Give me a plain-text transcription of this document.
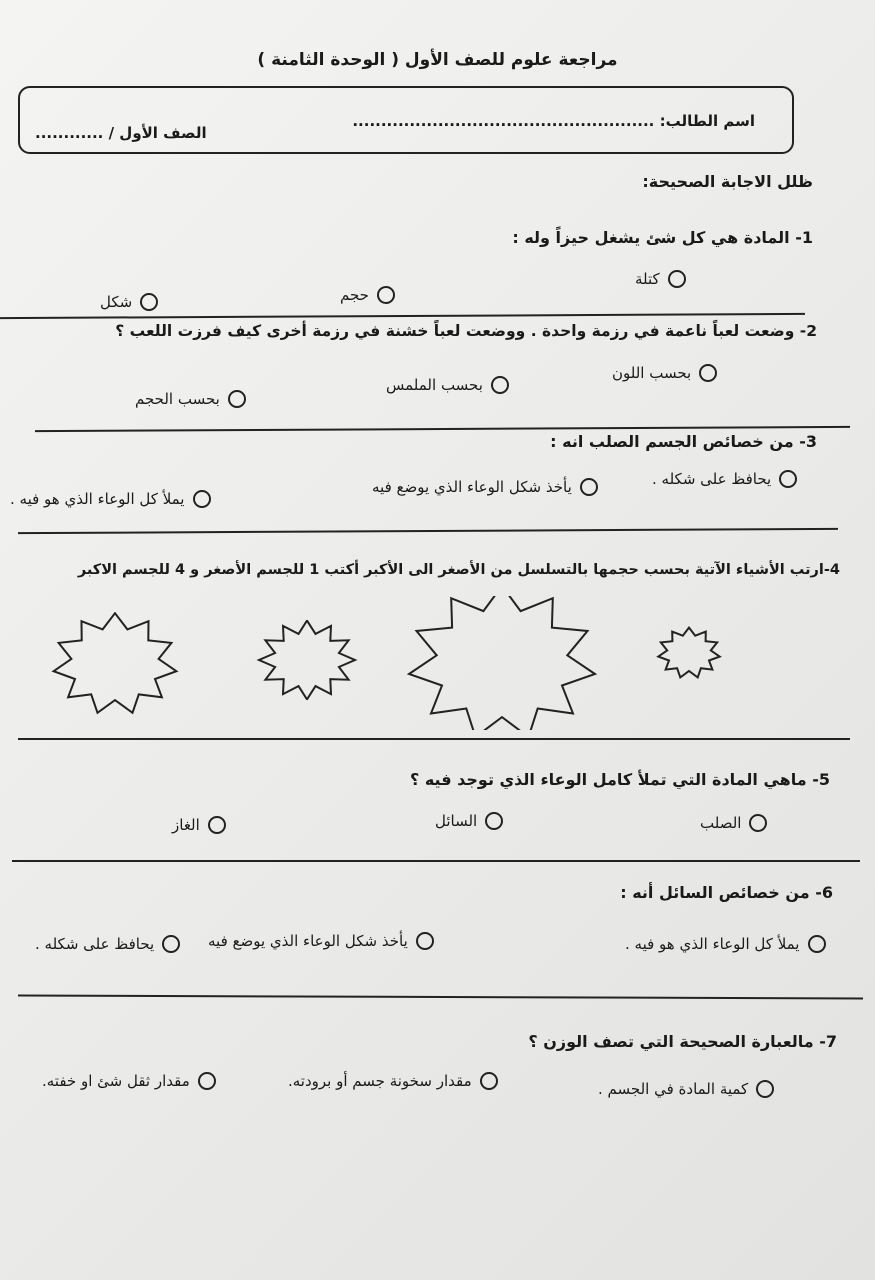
مراجعة علوم للصف الأول ( الوحدة الثامنة )
اسم الطالب: .....................................................
الصف الأول / ............
ظلل الاجابة الصحيحة:
1- المادة هي كل شئ يشغل حيزاً وله :
كتلة
حجم
شكل
2- وضعت لعباً ناعمة في رزمة واحدة . ووضعت لعباً خشنة في رزمة أخرى كيف فرزت اللعب ؟
بحسب اللون
بحسب الملمس
بحسب الحجم
3- من خصائص الجسم الصلب انه :
يحافظ على شكله .
يأخذ شكل الوعاء الذي يوضع فيه
يملأ كل الوعاء الذي هو فيه .
4-ارتب الأشياء الآتية بحسب حجمها بالتسلسل من الأصغر الى الأكبر أكتب 1 للجسم الأصغر و 4 للجسم الاكبر
5- ماهي المادة التي تملأ كامل الوعاء الذي توجد فيه ؟
الصلب
السائل
الغاز
6- من خصائص السائل أنه :
يملأ كل الوعاء الذي هو فيه .
يأخذ شكل الوعاء الذي يوضع فيه
يحافظ على شكله .
7- مالعبارة الصحيحة التي تصف الوزن ؟
كمية المادة في الجسم .
مقدار سخونة جسم أو برودته.
مقدار ثقل شئ او خفته.
